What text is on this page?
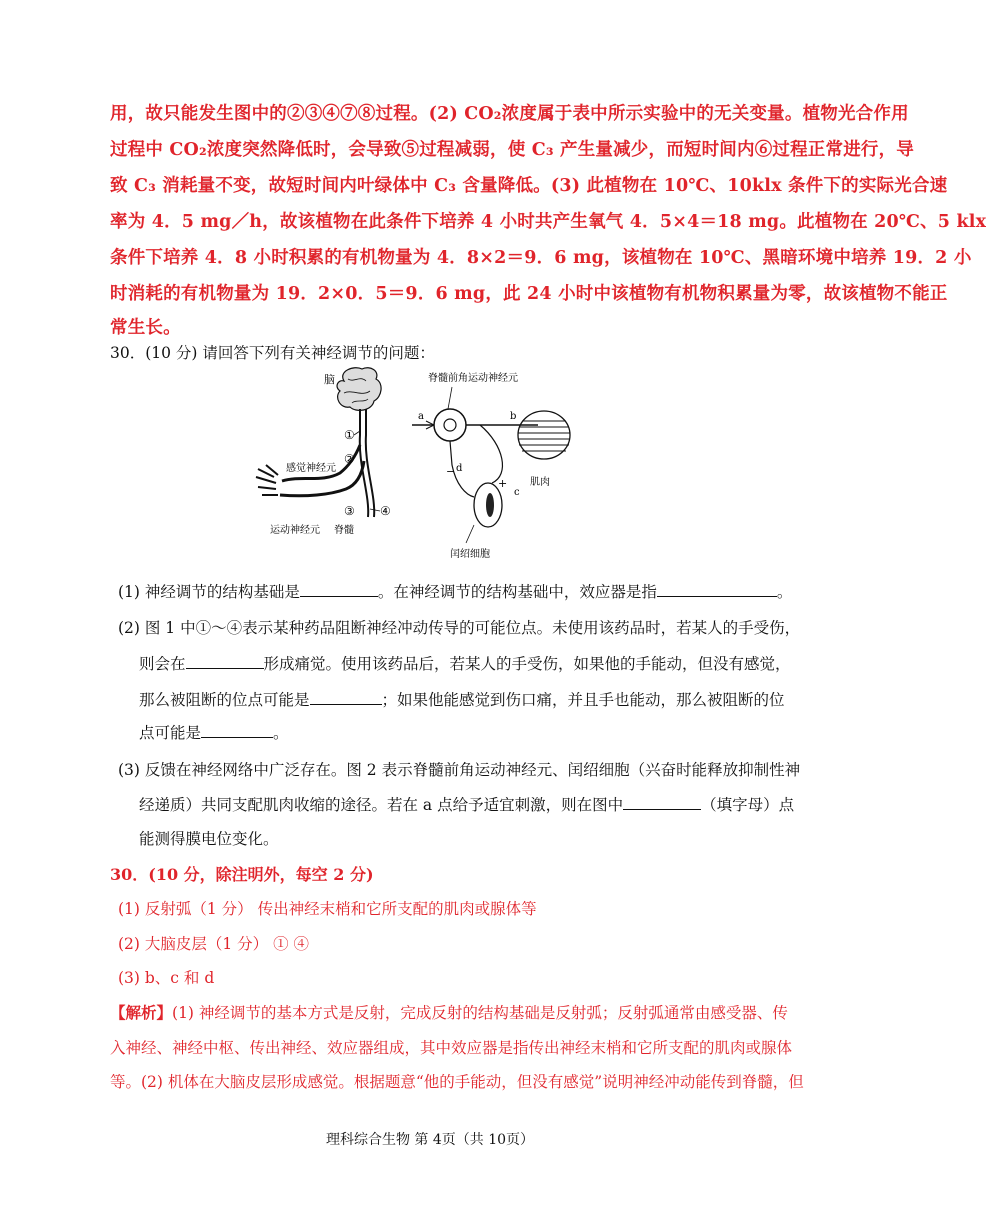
用，故只能发生图中的②③④⑦⑧过程。(2) CO₂浓度属于表中所示实验中的无关变量。植物光合作用
过程中 CO₂浓度突然降低时，会导致⑤过程减弱，使 C₃ 产生量减少，而短时间内⑥过程正常进行，导
致 C₃ 消耗量不变，故短时间内叶绿体中 C₃ 含量降低。(3) 此植物在 10℃、10klx 条件下的实际光合速
率为 4．5 mg／h，故该植物在此条件下培养 4 小时共产生氧气 4．5×4＝18 mg。此植物在 20℃、5 klx
条件下培养 4．8 小时积累的有机物量为 4．8×2＝9．6 mg，该植物在 10℃、黑暗环境中培养 19．2 小
时消耗的有机物量为 19．2×0．5＝9．6 mg，此 24 小时中该植物有机物积累量为零，故该植物不能正
常生长。
30．(10 分) 请回答下列有关神经调节的问题：
脑
①
②
③ ④
感觉神经元
运动神经元 脊髓
脊髓前角运动神经元
a	b
c
d
−
+ 肌肉
闰绍细胞
(1) 神经调节的结构基础是	。在神经调节的结构基础中，效应器是指	。
(2) 图 1 中①～④表示某种药品阻断神经冲动传导的可能位点。未使用该药品时，若某人的手受伤，
则会在	形成痛觉。使用该药品后，若某人的手受伤，如果他的手能动，但没有感觉，
那么被阻断的位点可能是	；如果他能感觉到伤口痛，并且手也能动，那么被阻断的位
点可能是	。
(3) 反馈在神经网络中广泛存在。图 2 表示脊髓前角运动神经元、闰绍细胞（兴奋时能释放抑制性神
经递质）共同支配肌肉收缩的途径。若在 a 点给予适宜刺激，则在图中	（填字母）点
能测得膜电位变化。
30．(10 分，除注明外，每空 2 分)
(1) 反射弧（1 分） 传出神经末梢和它所支配的肌肉或腺体等
(2) 大脑皮层（1 分） ① ④
(3) b、c 和 d
【解析】(1) 神经调节的基本方式是反射，完成反射的结构基础是反射弧；反射弧通常由感受器、传
入神经、神经中枢、传出神经、效应器组成，其中效应器是指传出神经末梢和它所支配的肌肉或腺体
等。(2) 机体在大脑皮层形成感觉。根据题意“他的手能动，但没有感觉”说明神经冲动能传到脊髓，但
理科综合生物 第 4页（共 10页）
